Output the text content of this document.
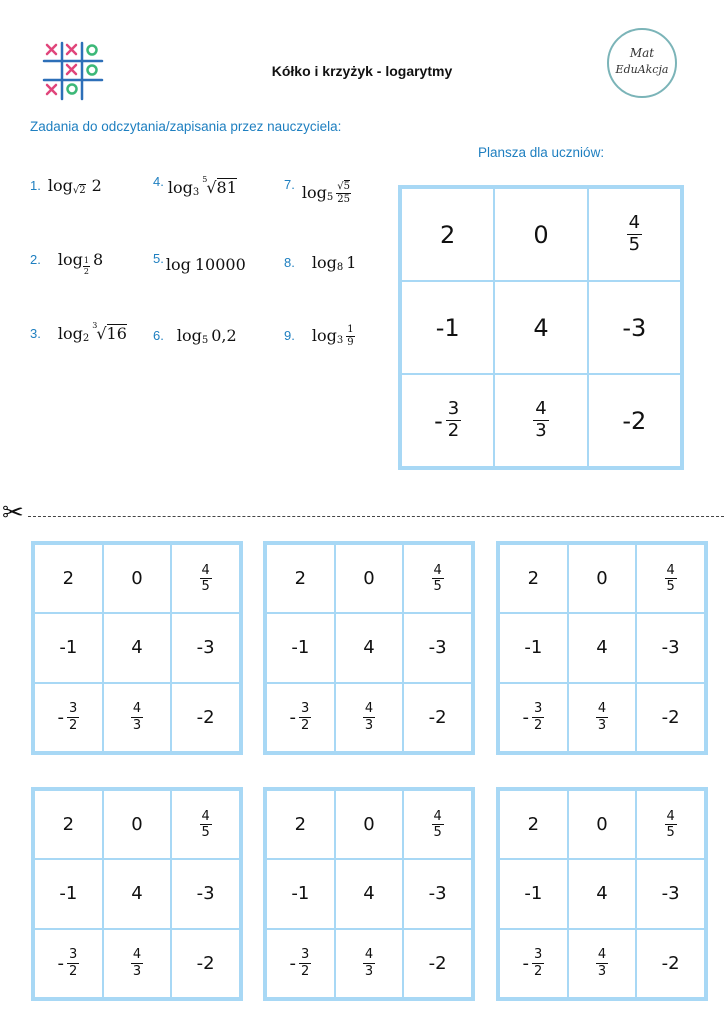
Kółko i krzyżyk - logarytmy
Mat
EduAkcja
Zadania do odczytania/zapisania przez nauczyciela:
Plansza dla uczniów:
1. log √ 2 2
2. log 1
2
8
3. log 2
3 √ 16
4. log 3
5 √ 81
5. log 10000
6. log 5 0,2
7. log 5
√5
25
8. log 8 1
9. log 3
1
9
2	0	$\frac{4}{5}$
-1	4	-3
- $\frac{3}{2}$	$\frac{4}{3}$	-2
✂
2	0	$\frac{4}{5}$
-1	4	-3
- $\frac{3}{2}$	$\frac{4}{3}$	-2
2	0	$\frac{4}{5}$
-1	4	-3
- $\frac{3}{2}$	$\frac{4}{3}$	-2
2	0	$\frac{4}{5}$
-1	4	-3
- $\frac{3}{2}$	$\frac{4}{3}$	-2
2	0	$\frac{4}{5}$
-1	4	-3
- $\frac{3}{2}$	$\frac{4}{3}$	-2
2	0	$\frac{4}{5}$
-1	4	-3
- $\frac{3}{2}$	$\frac{4}{3}$	-2
2	0	$\frac{4}{5}$
-1	4	-3
- $\frac{3}{2}$	$\frac{4}{3}$	-2
